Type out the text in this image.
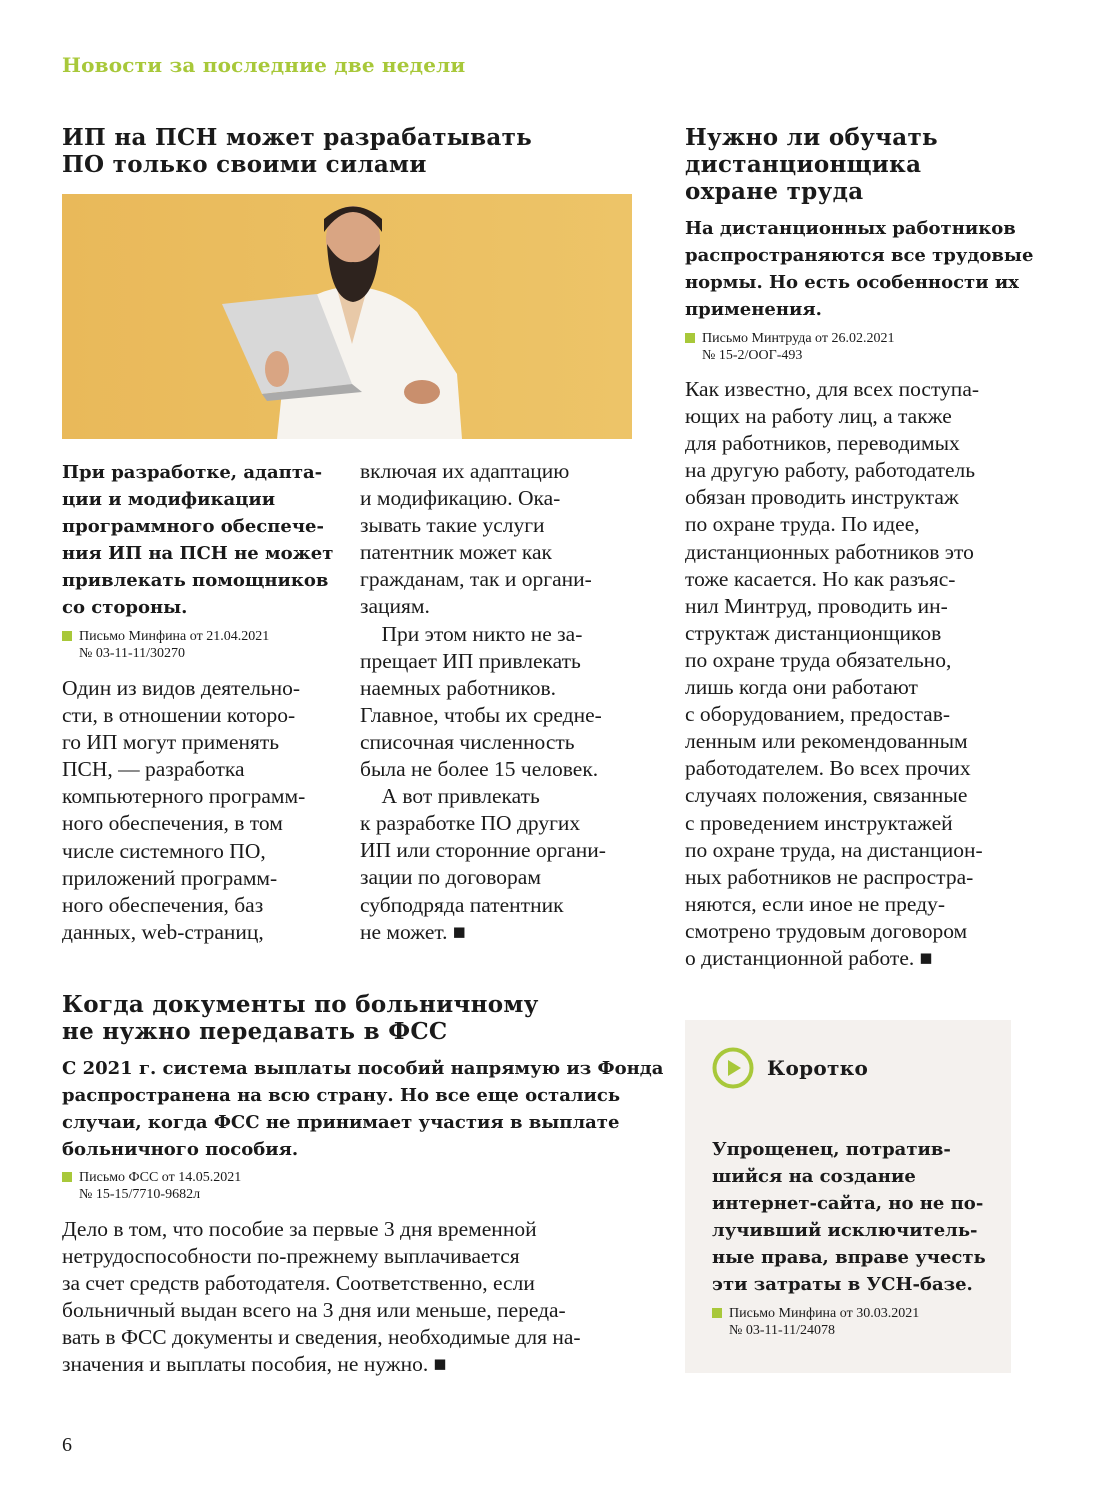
Новости за последние две недели
ИП на ПСН может разрабатывать
ПО только своими силами
При разработке, адапта-
ции и модификации
программного обеспече-
ния ИП на ПСН не может
привлекать помощников
со стороны.
Письмо Минфина от 21.04.2021
№ 03-11-11/30270
Один из видов деятельно-
сти, в отношении которо-
го ИП могут применять
ПСН, — разработка
компьютерного программ-
ного обеспечения, в том
числе системного ПО,
приложений программ-
ного обеспечения, баз
данных, web-страниц,
включая их адаптацию
и модификацию. Ока-
зывать такие услуги
патентник может как
гражданам, так и органи-
зациям.
При этом никто не за-
прещает ИП привлекать
наемных работников.
Главное, чтобы их средне-
списочная численность
была не более 15 человек.
А вот привлекать
к разработке ПО других
ИП или сторонние органи-
зации по договорам
субподряда патентник
не может. ■
Нужно ли обучать
дистанционщика
охране труда
На дистанционных работников
распространяются все трудовые
нормы. Но есть особенности их
применения.
Письмо Минтруда от 26.02.2021
№ 15-2/ООГ-493
Как известно, для всех поступа-
ющих на работу лиц, а также
для работников, переводимых
на другую работу, работодатель
обязан проводить инструктаж
по охране труда. По идее,
дистанционных работников это
тоже касается. Но как разъяс-
нил Минтруд, проводить ин-
структаж дистанционщиков
по охране труда обязательно,
лишь когда они работают
с оборудованием, предостав-
ленным или рекомендованным
работодателем. Во всех прочих
случаях положения, связанные
с проведением инструктажей
по охране труда, на дистанцион-
ных работников не распростра-
няются, если иное не преду-
смотрено трудовым договором
о дистанционной работе. ■
Когда документы по больничному
не нужно передавать в ФСС
С 2021 г. система выплаты пособий напрямую из Фонда
распространена на всю страну. Но все еще остались
случаи, когда ФСС не принимает участия в выплате
больничного пособия.
Письмо ФСС от 14.05.2021
№ 15-15/7710-9682л
Дело в том, что пособие за первые 3 дня временной
нетрудоспособности по-прежнему выплачивается
за счет средств работодателя. Соответственно, если
больничный выдан всего на 3 дня или меньше, переда-
вать в ФСС документы и сведения, необходимые для на-
значения и выплаты пособия, не нужно. ■
Коротко
Упрощенец, потратив-
шийся на создание
интернет-сайта, но не по-
лучивший исключитель-
ные права, вправе учесть
эти затраты в УСН-базе.
Письмо Минфина от 30.03.2021
№ 03-11-11/24078
6
